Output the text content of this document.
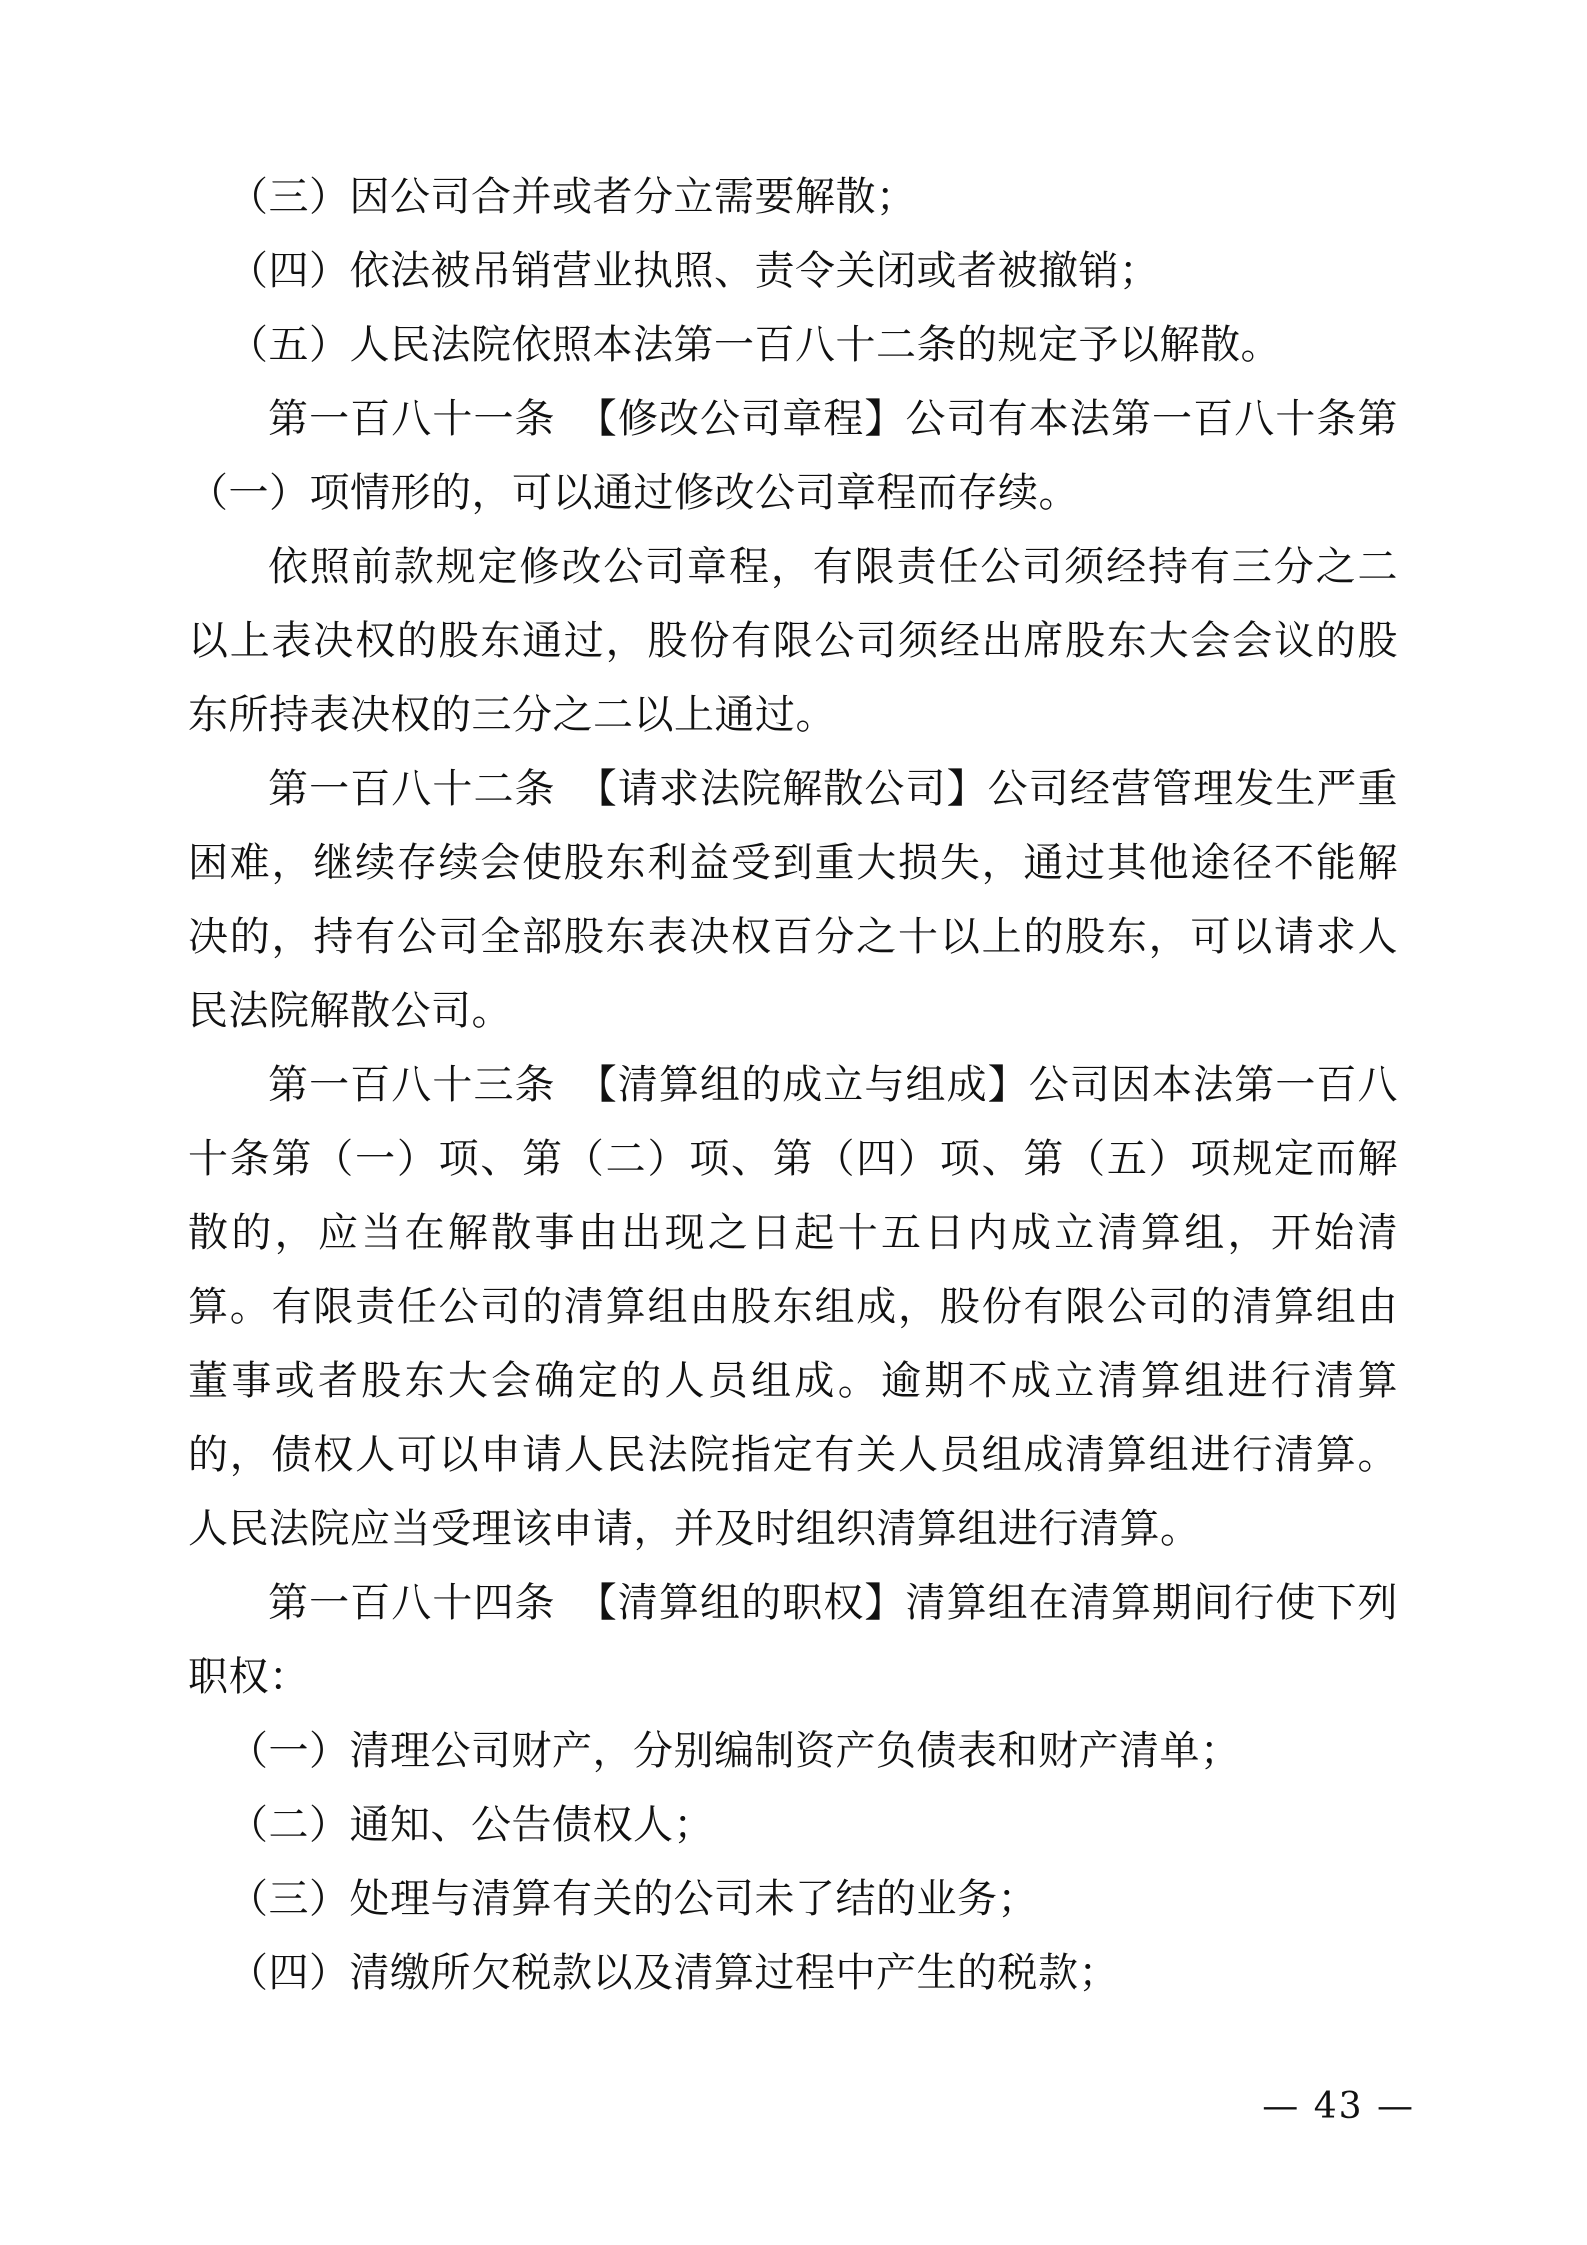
（三）因公司合并或者分立需要解散；

（四）依法被吊销营业执照、责令关闭或者被撤销；

（五）人民法院依照本法第一百八十二条的规定予以解散。

第一百八十一条　【修改公司章程】公司有本法第一百八十条第（一）项情形的，可以通过修改公司章程而存续。

依照前款规定修改公司章程，有限责任公司须经持有三分之二以上表决权的股东通过，股份有限公司须经出席股东大会会议的股东所持表决权的三分之二以上通过。

第一百八十二条　【请求法院解散公司】公司经营管理发生严重困难，继续存续会使股东利益受到重大损失，通过其他途径不能解决的，持有公司全部股东表决权百分之十以上的股东，可以请求人民法院解散公司。

第一百八十三条　【清算组的成立与组成】公司因本法第一百八十条第（一）项、第（二）项、第（四）项、第（五）项规定而解散的，应当在解散事由出现之日起十五日内成立清算组，开始清算。有限责任公司的清算组由股东组成，股份有限公司的清算组由董事或者股东大会确定的人员组成。逾期不成立清算组进行清算的，债权人可以申请人民法院指定有关人员组成清算组进行清算。人民法院应当受理该申请，并及时组织清算组进行清算。

第一百八十四条　【清算组的职权】清算组在清算期间行使下列职权：

（一）清理公司财产，分别编制资产负债表和财产清单；

（二）通知、公告债权人；

（三）处理与清算有关的公司未了结的业务；

（四）清缴所欠税款以及清算过程中产生的税款；

— 43 —
